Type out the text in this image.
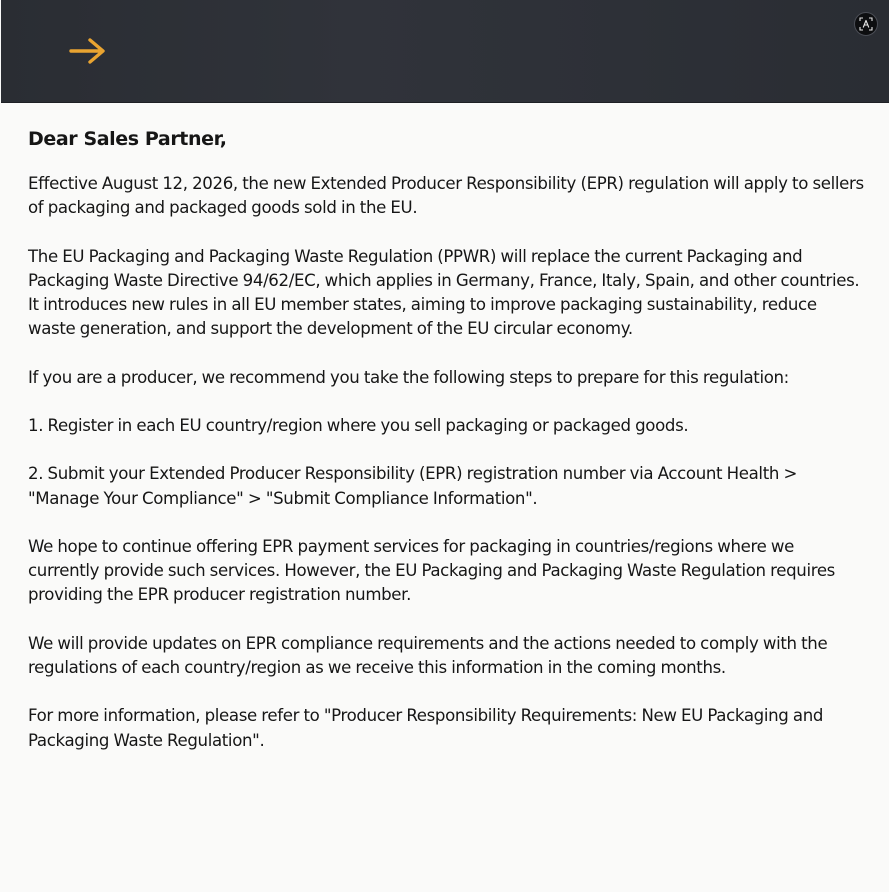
Dear Sales Partner,

Effective August 12, 2026, the new Extended Producer Responsibility (EPR) regulation will apply to sellers of packaging and packaged goods sold in the EU.

The EU Packaging and Packaging Waste Regulation (PPWR) will replace the current Packaging and Packaging Waste Directive 94/62/EC, which applies in Germany, France, Italy, Spain, and other countries. It introduces new rules in all EU member states, aiming to improve packaging sustainability, reduce waste generation, and support the development of the EU circular economy.

If you are a producer, we recommend you take the following steps to prepare for this regulation:

1. Register in each EU country/region where you sell packaging or packaged goods.

2. Submit your Extended Producer Responsibility (EPR) registration number via Account Health > "Manage Your Compliance" > "Submit Compliance Information".

We hope to continue offering EPR payment services for packaging in countries/regions where we currently provide such services. However, the EU Packaging and Packaging Waste Regulation requires providing the EPR producer registration number.

We will provide updates on EPR compliance requirements and the actions needed to comply with the regulations of each country/region as we receive this information in the coming months.

For more information, please refer to "Producer Responsibility Requirements: New EU Packaging and Packaging Waste Regulation".
